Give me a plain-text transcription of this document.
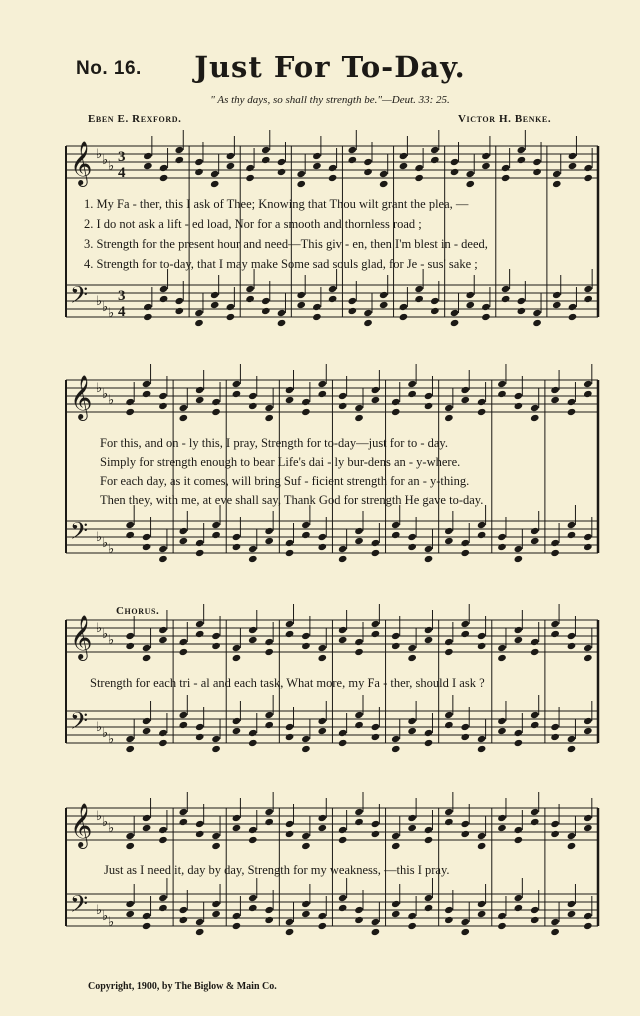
No. 16.	Just For To-Day.
" As thy days, so shall thy strength be."—Deut. 33: 25.
Eben E. Rexford.	Victor H. Benke.
𝄞
𝄢
♭
♭
♭
♭
♭
♭
3
4
3
4
𝄞
𝄢
♭
♭
♭
♭
♭
♭
𝄞
𝄢
♭
♭
♭
♭
♭
♭
𝄞
𝄢
♭
♭
♭
♭
♭
♭
1. My Fa - ther, this I ask of Thee; Knowing that Thou wilt grant the plea, —
2. I do not ask a lift - ed load, Nor for a smooth and thornless road ;
3. Strength for the present hour and need—This giv - en, then I'm blest in - deed,
4. Strength for to-day, that I may make Some sad souls glad, for Je - sus' sake ;
For this, and on - ly this, I pray, Strength for to-day—just for to - day.
Simply for strength enough to bear Life's dai - ly bur-dens an - y-where.
For each day, as it comes, will bring Suf - ficient strength for an - y-thing.
Then they, with me, at eve shall say, Thank God for strength He gave to-day.
Chorus.
Strength for each tri - al and each task, What more, my Fa - ther, should I ask ?
Just as I need it, day by day, Strength for my weakness, —this I pray.
Copyright, 1900, by The Biglow & Main Co.
